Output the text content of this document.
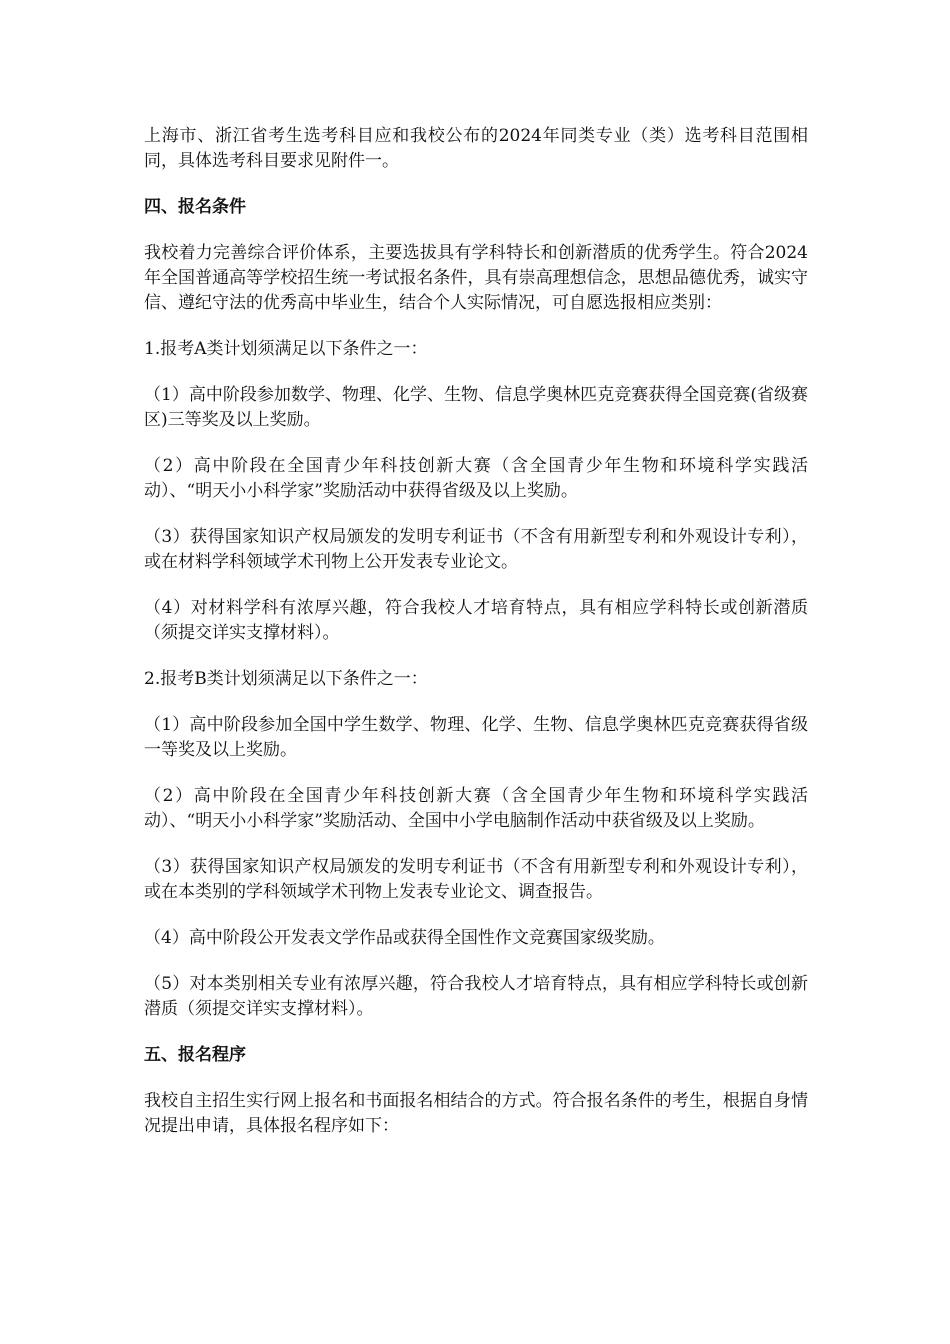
上海市、浙江省考生选考科目应和我校公布的2024年同类专业（类）选考科目范围相同，具体选考科目要求见附件一。

四、报名条件

我校着力完善综合评价体系，主要选拔具有学科特长和创新潜质的优秀学生。符合2024年全国普通高等学校招生统一考试报名条件，具有崇高理想信念，思想品德优秀，诚实守信、遵纪守法的优秀高中毕业生，结合个人实际情况，可自愿选报相应类别：

1.报考A类计划须满足以下条件之一：

（1）高中阶段参加数学、物理、化学、生物、信息学奥林匹克竞赛获得全国竞赛(省级赛区)三等奖及以上奖励。

（2）高中阶段在全国青少年科技创新大赛（含全国青少年生物和环境科学实践活动）、“明天小小科学家”奖励活动中获得省级及以上奖励。

（3）获得国家知识产权局颁发的发明专利证书（不含有用新型专利和外观设计专利），或在材料学科领域学术刊物上公开发表专业论文。

（4）对材料学科有浓厚兴趣，符合我校人才培育特点，具有相应学科特长或创新潜质（须提交详实支撑材料）。

2.报考B类计划须满足以下条件之一：

（1）高中阶段参加全国中学生数学、物理、化学、生物、信息学奥林匹克竞赛获得省级一等奖及以上奖励。

（2）高中阶段在全国青少年科技创新大赛（含全国青少年生物和环境科学实践活动）、“明天小小科学家”奖励活动、全国中小学电脑制作活动中获省级及以上奖励。

（3）获得国家知识产权局颁发的发明专利证书（不含有用新型专利和外观设计专利），或在本类别的学科领域学术刊物上发表专业论文、调查报告。

（4）高中阶段公开发表文学作品或获得全国性作文竞赛国家级奖励。

（5）对本类别相关专业有浓厚兴趣，符合我校人才培育特点，具有相应学科特长或创新潜质（须提交详实支撑材料）。

五、报名程序

我校自主招生实行网上报名和书面报名相结合的方式。符合报名条件的考生，根据自身情况提出申请，具体报名程序如下：
